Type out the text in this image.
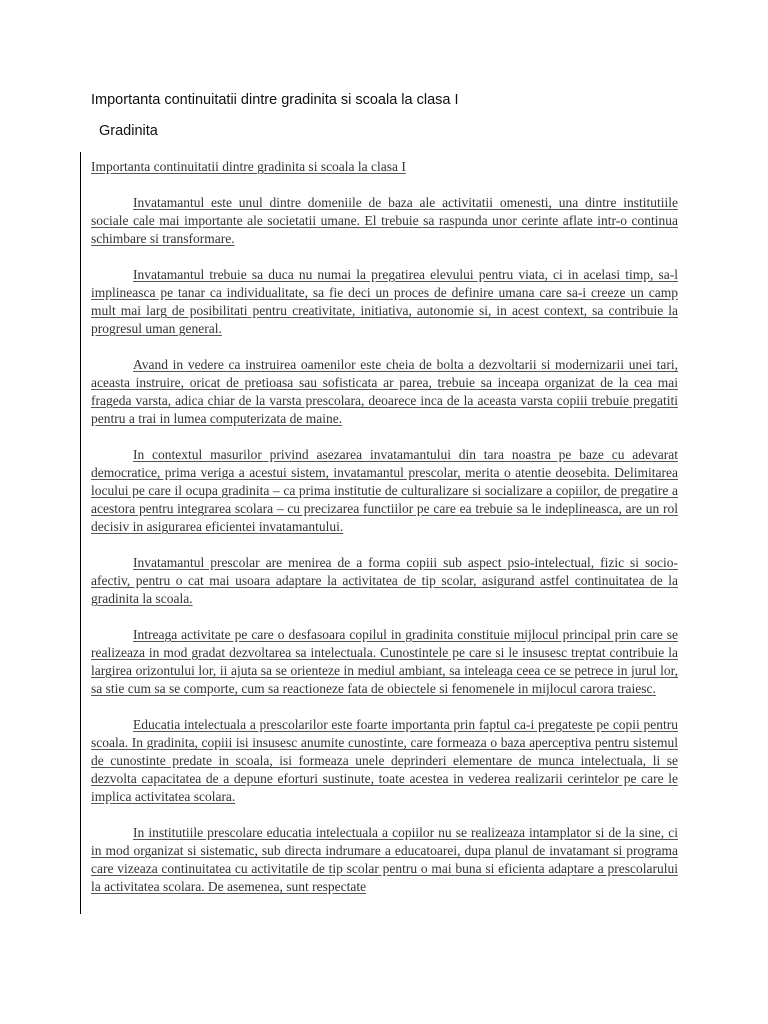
Importanta continuitatii dintre gradinita si scoala la clasa I
Gradinita
Importanta continuitatii dintre gradinita si scoala la clasa I

Invatamantul este unul dintre domeniile de baza ale activitatii omenesti, una dintre institutiile sociale cale mai importante ale societatii umane. El trebuie sa raspunda unor cerinte aflate intr-o continua schimbare si transformare.

Invatamantul trebuie sa duca nu numai la pregatirea elevului pentru viata, ci in acelasi timp, sa-l implineasca pe tanar ca individualitate, sa fie deci un proces de definire umana care sa-i creeze un camp mult mai larg de posibilitati pentru creativitate, initiativa, autonomie si, in acest context, sa contribuie la progresul uman general.

Avand in vedere ca instruirea oamenilor este cheia de bolta a dezvoltarii si modernizarii unei tari, aceasta instruire, oricat de pretioasa sau sofisticata ar parea, trebuie sa inceapa organizat de la cea mai frageda varsta, adica chiar de la varsta prescolara, deoarece inca de la aceasta varsta copiii trebuie pregatiti pentru a trai in lumea computerizata de maine.

In contextul masurilor privind asezarea invatamantului din tara noastra pe baze cu adevarat democratice, prima veriga a acestui sistem, invatamantul prescolar, merita o atentie deosebita. Delimitarea locului pe care il ocupa gradinita – ca prima institutie de culturalizare si socializare a copiilor, de pregatire a acestora pentru integrarea scolara – cu precizarea functiilor pe care ea trebuie sa le indeplineasca, are un rol decisiv in asigurarea eficientei invatamantului.

Invatamantul prescolar are menirea de a forma copiii sub aspect psio-intelectual, fizic si socio-afectiv, pentru o cat mai usoara adaptare la activitatea de tip scolar, asigurand astfel continuitatea de la gradinita la scoala.

Intreaga activitate pe care o desfasoara copilul in gradinita constituie mijlocul principal prin care se realizeaza in mod gradat dezvoltarea sa intelectuala. Cunostintele pe care si le insusesc treptat contribuie la largirea orizontului lor, ii ajuta sa se orienteze in mediul ambiant, sa inteleaga ceea ce se petrece in jurul lor, sa stie cum sa se comporte, cum sa reactioneze fata de obiectele si fenomenele in mijlocul carora traiesc.

Educatia intelectuala a prescolarilor este foarte importanta prin faptul ca-i pregateste pe copii pentru scoala. In gradinita, copiii isi insusesc anumite cunostinte, care formeaza o baza aperceptiva pentru sistemul de cunostinte predate in scoala, isi formeaza unele deprinderi elementare de munca intelectuala, li se dezvolta capacitatea de a depune eforturi sustinute, toate acestea in vederea realizarii cerintelor pe care le implica activitatea scolara.

In institutiile prescolare educatia intelectuala a copiilor nu se realizeaza intamplator si de la sine, ci in mod organizat si sistematic, sub directa indrumare a educatoarei, dupa planul de invatamant si programa care vizeaza continuitatea cu activitatile de tip scolar pentru o mai buna si eficienta adaptare a prescolarului la activitatea scolara. De asemenea, sunt respectate
